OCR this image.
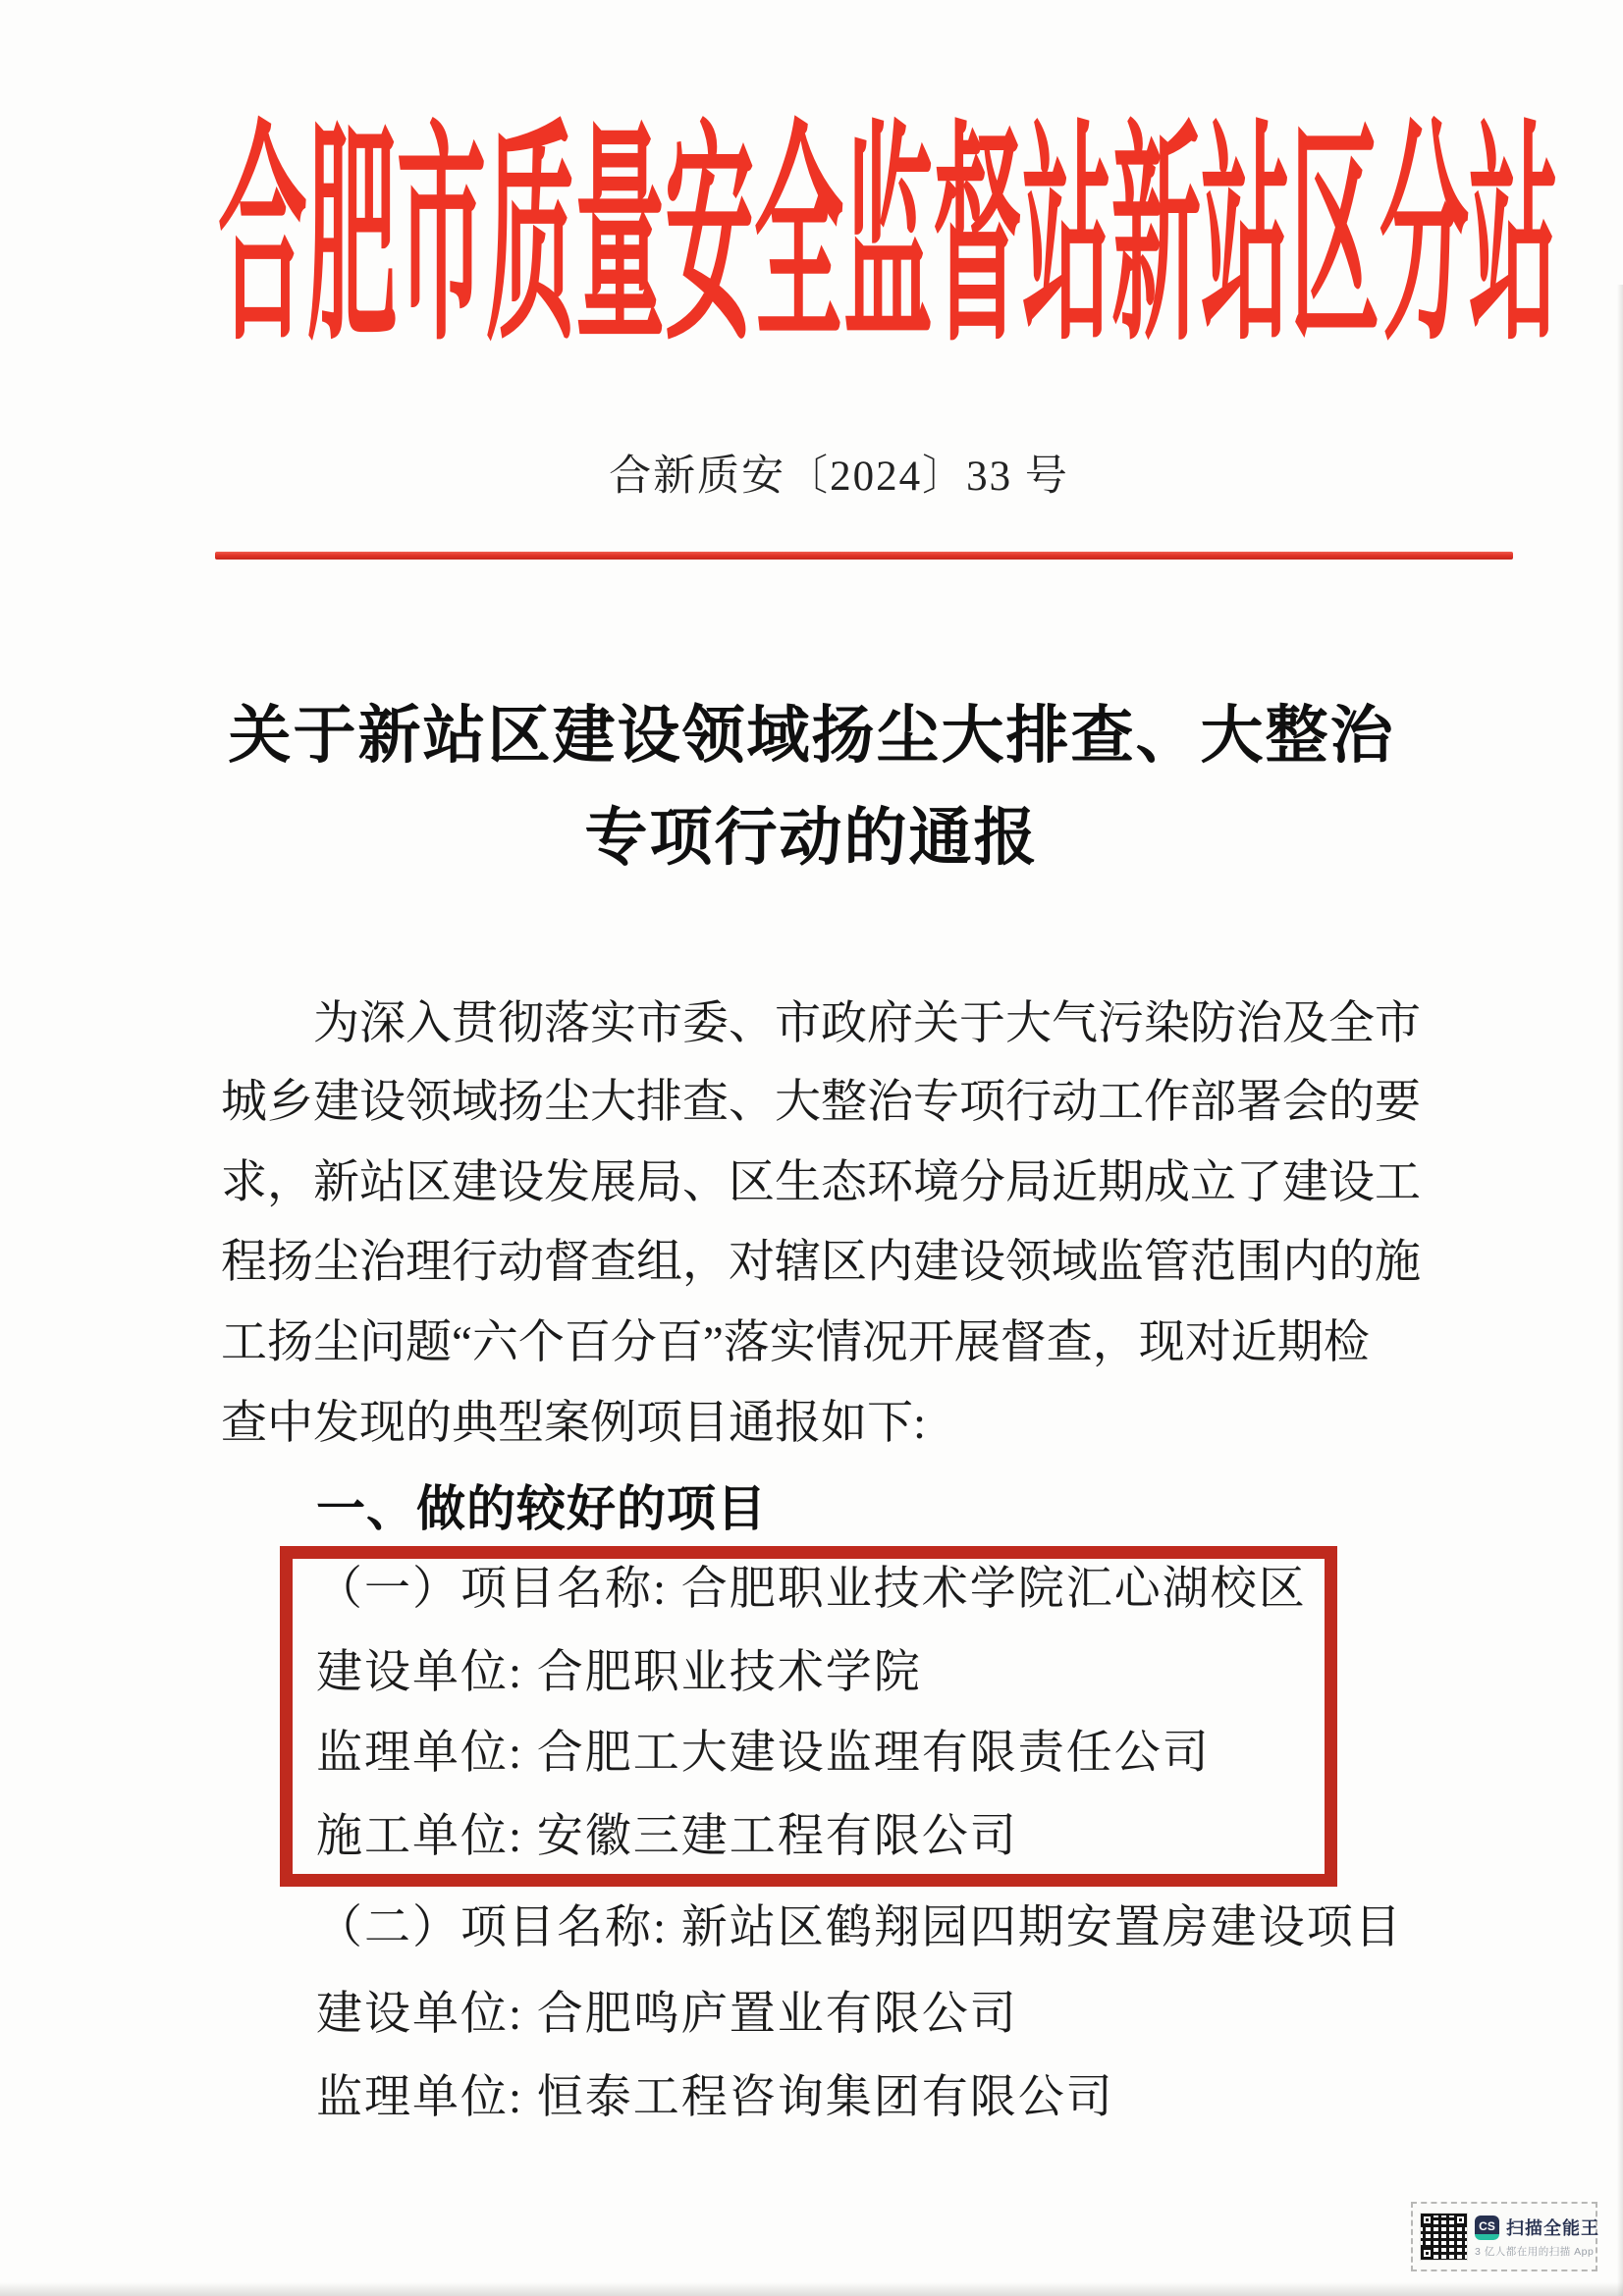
合肥市质量安全监督站新站区分站
合新质安〔2024〕33 号
关于新站区建设领域扬尘大排查、大整治
专项行动的通报
为深入贯彻落实市委、市政府关于大气污染防治及全市
城乡建设领域扬尘大排查、大整治专项行动工作部署会的要
求，新站区建设发展局、区生态环境分局近期成立了建设工
程扬尘治理行动督查组，对辖区内建设领域监管范围内的施
工扬尘问题“六个百分百”落实情况开展督查，现对近期检
查中发现的典型案例项目通报如下:
一、做的较好的项目
（一）项目名称: 合肥职业技术学院汇心湖校区
建设单位: 合肥职业技术学院
监理单位: 合肥工大建设监理有限责任公司
施工单位: 安徽三建工程有限公司
（二）项目名称: 新站区鹤翔园四期安置房建设项目
建设单位: 合肥鸣庐置业有限公司
监理单位: 恒泰工程咨询集团有限公司
CS 扫描全能王
3 亿人都在用的扫描 App
